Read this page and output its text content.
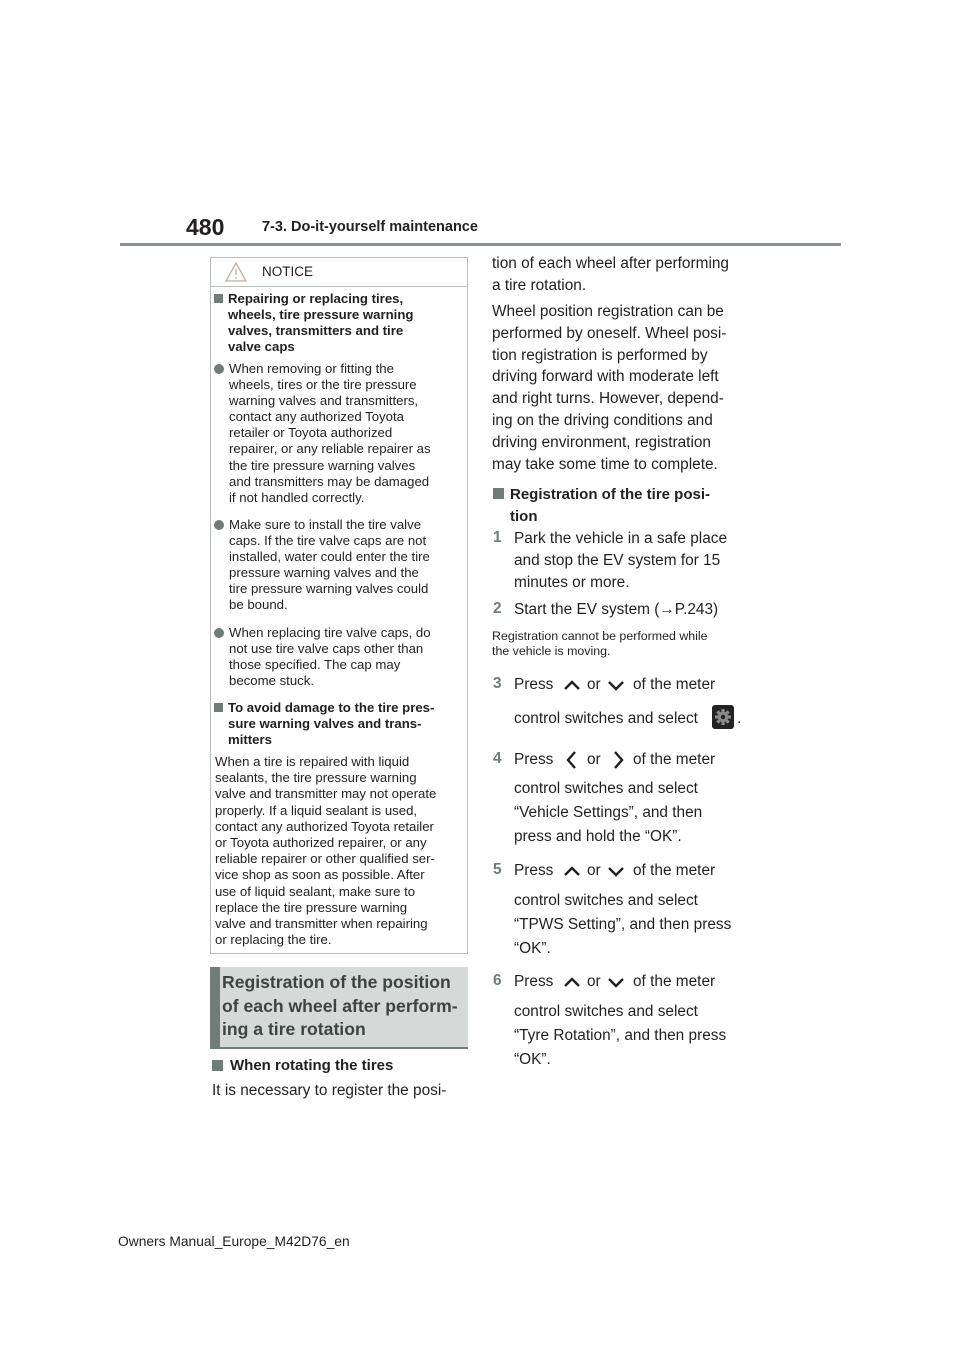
480	7-3. Do-it-yourself maintenance
NOTICE
Repairing or replacing tires,
wheels, tire pressure warning
valves, transmitters and tire
valve caps
When removing or fitting the
wheels, tires or the tire pressure
warning valves and transmitters,
contact any authorized Toyota
retailer or Toyota authorized
repairer, or any reliable repairer as
the tire pressure warning valves
and transmitters may be damaged
if not handled correctly.
Make sure to install the tire valve
caps. If the tire valve caps are not
installed, water could enter the tire
pressure warning valves and the
tire pressure warning valves could
be bound.
When replacing tire valve caps, do
not use tire valve caps other than
those specified. The cap may
become stuck.
To avoid damage to the tire pres-
sure warning valves and trans-
mitters
When a tire is repaired with liquid
sealants, the tire pressure warning
valve and transmitter may not operate
properly. If a liquid sealant is used,
contact any authorized Toyota retailer
or Toyota authorized repairer, or any
reliable repairer or other qualified ser-
vice shop as soon as possible. After
use of liquid sealant, make sure to
replace the tire pressure warning
valve and transmitter when repairing
or replacing the tire.
Registration of the position
of each wheel after perform-
ing a tire rotation
When rotating the tires
It is necessary to register the posi-
tion of each wheel after performing
a tire rotation.
Wheel position registration can be
performed by oneself. Wheel posi-
tion registration is performed by
driving forward with moderate left
and right turns. However, depend-
ing on the driving conditions and
driving environment, registration
may take some time to complete.
Registration of the tire posi-
tion
1 Park the vehicle in a safe place
and stop the EV system for 15
minutes or more.
2 Start the EV system (→P.243)
Registration cannot be performed while
the vehicle is moving.
3 Press or of the meter
control switches and select	.
4 Press or of the meter
control switches and select
“Vehicle Settings”, and then
press and hold the “OK”.
5 Press or of the meter
control switches and select
“TPWS Setting”, and then press
“OK”.
6 Press or of the meter
control switches and select
“Tyre Rotation”, and then press
“OK”.
Owners Manual_Europe_M42D76_en
